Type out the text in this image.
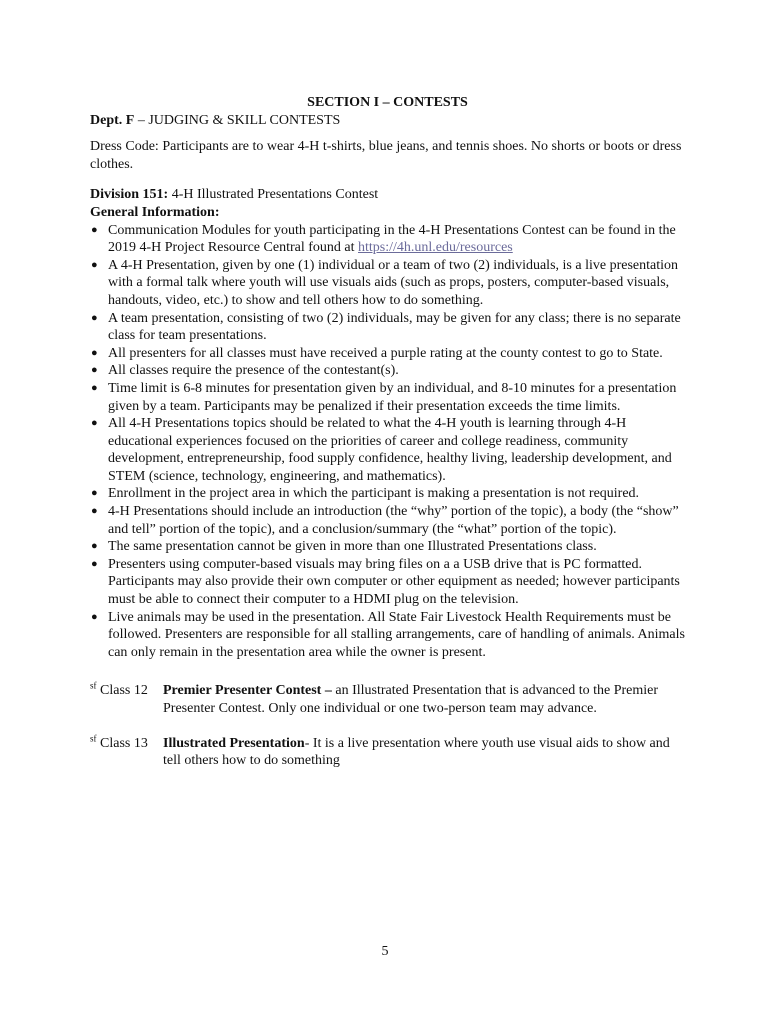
SECTION I – CONTESTS

Dept. F – JUDGING & SKILL CONTESTS

Dress Code: Participants are to wear 4-H t-shirts, blue jeans, and tennis shoes. No shorts or boots or dress clothes.

Division 151: 4-H Illustrated Presentations Contest

General Information:

● Communication Modules for youth participating in the 4-H Presentations Contest can be found in the 2019 4-H Project Resource Central found at https://4h.unl.edu/resources
● A 4-H Presentation, given by one (1) individual or a team of two (2) individuals, is a live presentation with a formal talk where youth will use visuals aids (such as props, posters, computer-based visuals, handouts, video, etc.) to show and tell others how to do something.
● A team presentation, consisting of two (2) individuals, may be given for any class; there is no separate class for team presentations.
● All presenters for all classes must have received a purple rating at the county contest to go to State.
● All classes require the presence of the contestant(s).
● Time limit is 6-8 minutes for presentation given by an individual, and 8-10 minutes for a presentation given by a team. Participants may be penalized if their presentation exceeds the time limits.
● All 4-H Presentations topics should be related to what the 4-H youth is learning through 4-H educational experiences focused on the priorities of career and college readiness, community development, entrepreneurship, food supply confidence, healthy living, leadership development, and STEM (science, technology, engineering, and mathematics).
● Enrollment in the project area in which the participant is making a presentation is not required.
● 4-H Presentations should include an introduction (the “why” portion of the topic), a body (the “show” and tell” portion of the topic), and a conclusion/summary (the “what” portion of the topic).
● The same presentation cannot be given in more than one Illustrated Presentations class.
● Presenters using computer-based visuals may bring files on a a USB drive that is PC formatted. Participants may also provide their own computer or other equipment as needed; however participants must be able to connect their computer to a HDMI plug on the television.
● Live animals may be used in the presentation. All State Fair Livestock Health Requirements must be followed. Presenters are responsible for all stalling arrangements, care of handling of animals. Animals can only remain in the presentation area while the owner is present.
$^{sf}$ Class 12	Premier Presenter Contest – an Illustrated Presentation that is advanced to the Premier Presenter Contest. Only one individual or one two-person team may advance.
$^{sf}$ Class 13	Illustrated Presentation- It is a live presentation where youth use visual aids to show and tell others how to do something
5
